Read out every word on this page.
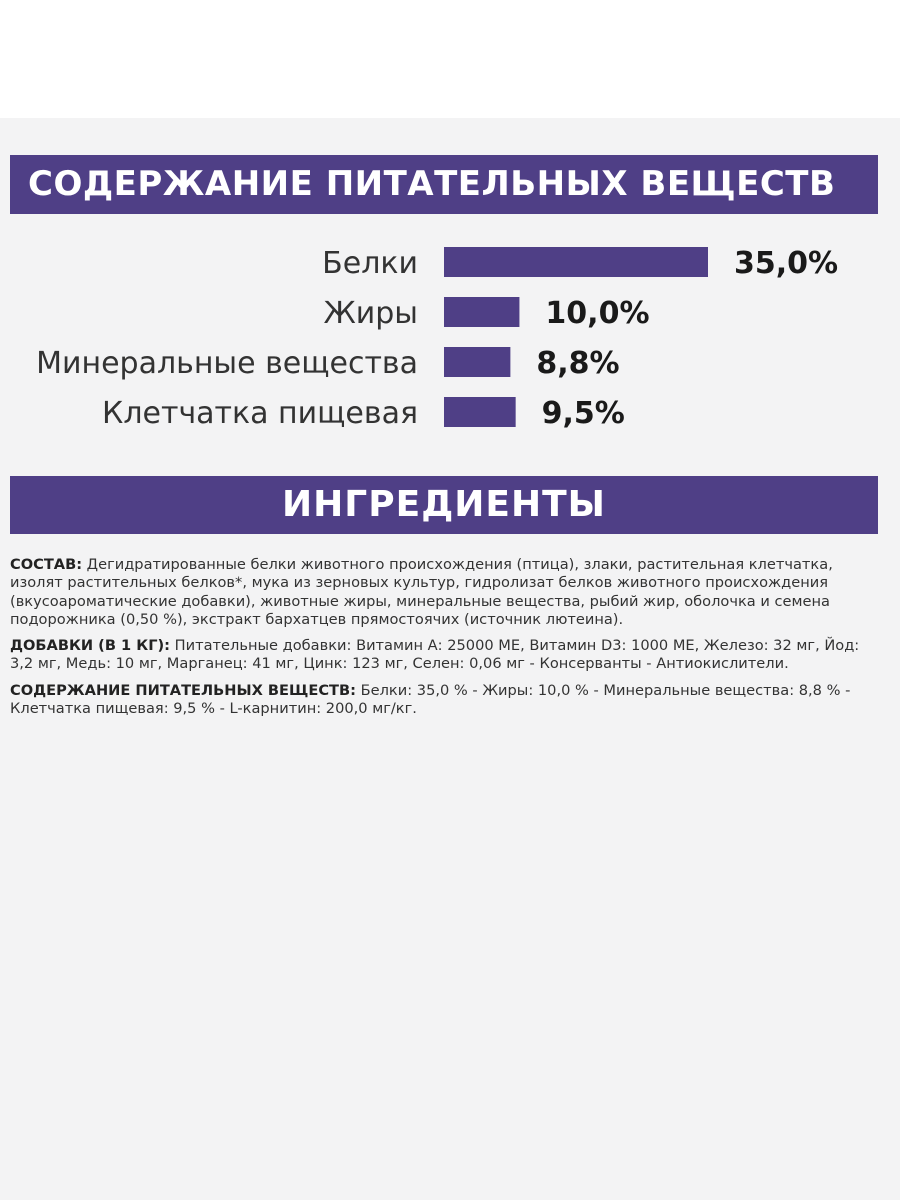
СОДЕРЖАНИЕ ПИТАТЕЛЬНЫХ ВЕЩЕСТВ
Белки	35,0%
Жиры	10,0%
Минеральные вещества	8,8%
Клетчатка пищевая	9,5%
ИНГРЕДИЕНТЫ

СОСТАВ: Дегидратированные белки животного происхождения (птица), злаки, растительная клетчатка, изолят растительных белков*, мука из зерновых культур, гидролизат белков животного происхождения (вкусоароматические добавки), животные жиры, минеральные вещества, рыбий жир, оболочка и семена подорожника (0,50 %), экстракт бархатцев прямостоячих (источник лютеина).

ДОБАВКИ (В 1 КГ): Питательные добавки: Витамин А: 25000 МЕ, Витамин D3: 1000 МЕ, Железо: 32 мг, Йод: 3,2 мг, Медь: 10 мг, Марганец: 41 мг, Цинк: 123 мг, Селен: 0,06 мг - Консерванты - Антиокислители.

СОДЕРЖАНИЕ ПИТАТЕЛЬНЫХ ВЕЩЕСТВ: Белки: 35,0 % - Жиры: 10,0 % - Минеральные вещества: 8,8 % - Клетчатка пищевая: 9,5 % - L-карнитин: 200,0 мг/кг.
